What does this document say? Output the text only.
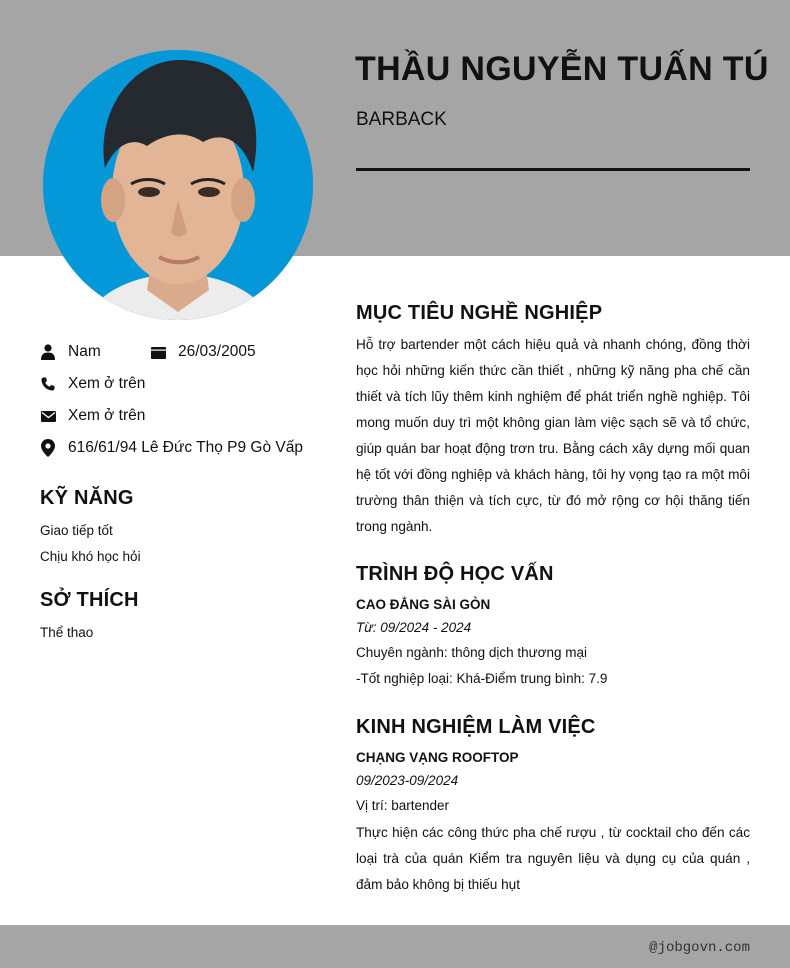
THẦU NGUYỄN TUẤN TÚ
BARBACK
Nam	26/03/2005
Xem ở trên
Xem ở trên
616/61/94 Lê Đức Thọ P9 Gò Vấp
KỸ NĂNG
Giao tiếp tốt
Chịu khó học hỏi
SỞ THÍCH
Thể thao
MỤC TIÊU NGHỀ NGHIỆP
Hỗ trợ bartender một cách hiệu quả và nhanh chóng, đồng thời học hỏi những kiến thức cần thiết , những kỹ năng pha chế cần thiết và tích lũy thêm kinh nghiệm để phát triển nghề nghiệp. Tôi mong muốn duy trì một không gian làm việc sạch sẽ và tổ chức, giúp quán bar hoạt động trơn tru. Bằng cách xây dựng mối quan hệ tốt với đồng nghiệp và khách hàng, tôi hy vọng tạo ra một môi trường thân thiện và tích cực, từ đó mở rộng cơ hội thăng tiến trong ngành.
TRÌNH ĐỘ HỌC VẤN
CAO ĐẲNG SÀI GÒN
Từ: 09/2024 - 2024
Chuyên ngành: thông dịch thương mại
-Tốt nghiệp loại: Khá-Điểm trung bình: 7.9
KINH NGHIỆM LÀM VIỆC
CHẠNG VẠNG ROOFTOP
09/2023-09/2024
Vị trí: bartender
Thực hiện các công thức pha chế rượu , từ cocktail cho đến các loại trà của quán Kiểm tra nguyên liệu và dụng cụ của quán , đảm bảo không bị thiếu hụt
@jobgovn.com
